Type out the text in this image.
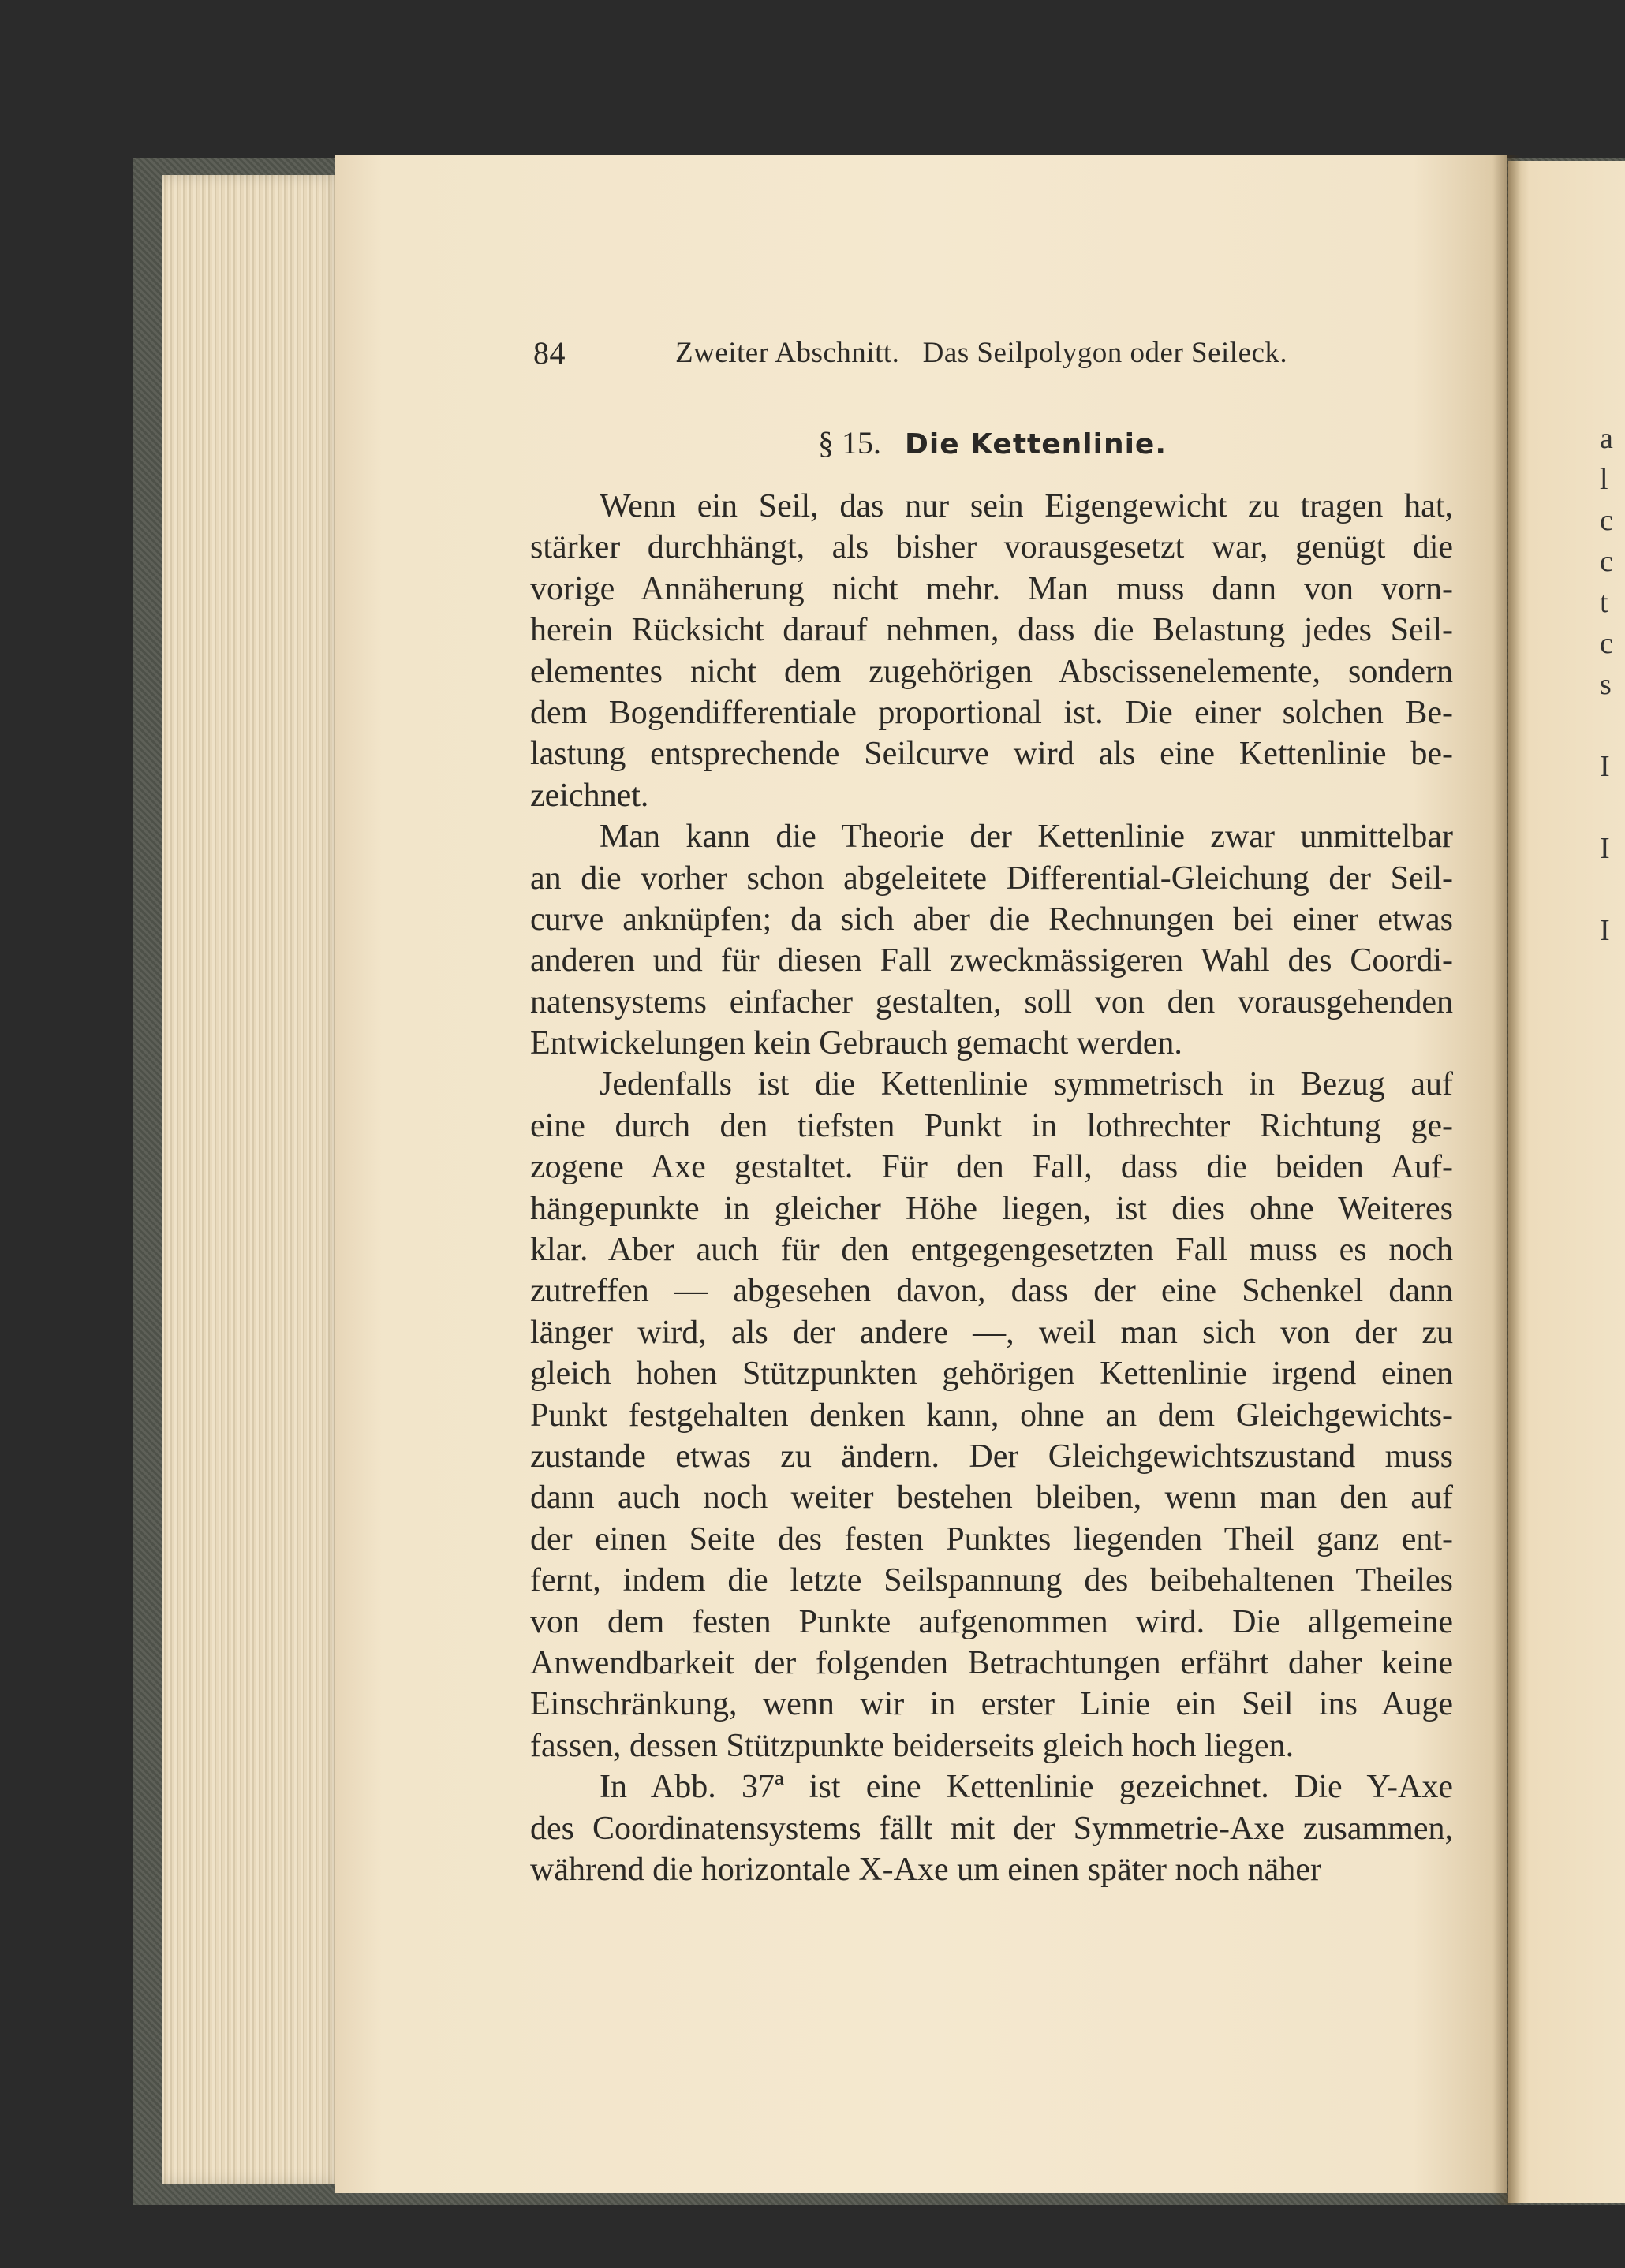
a
l
c
c
t
c
s

I

I

I
84	Zweiter Abschnitt.   Das Seilpolygon oder Seileck.
§ 15. Die Kettenlinie.
Wenn ein Seil, das nur sein Eigengewicht zu tragen hat,
stärker durchhängt, als bisher vorausgesetzt war, genügt die
vorige Annäherung nicht mehr. Man muss dann von vorn-
herein Rücksicht darauf nehmen, dass die Belastung jedes Seil-
elementes nicht dem zugehörigen Abscissenelemente, sondern
dem Bogendifferentiale proportional ist. Die einer solchen Be-
lastung entsprechende Seilcurve wird als eine Kettenlinie be-
zeichnet.
Man kann die Theorie der Kettenlinie zwar unmittelbar
an die vorher schon abgeleitete Differential-Gleichung der Seil-
curve anknüpfen; da sich aber die Rechnungen bei einer etwas
anderen und für diesen Fall zweckmässigeren Wahl des Coordi-
natensystems einfacher gestalten, soll von den vorausgehenden
Entwickelungen kein Gebrauch gemacht werden.
Jedenfalls ist die Kettenlinie symmetrisch in Bezug auf
eine durch den tiefsten Punkt in lothrechter Richtung ge-
zogene Axe gestaltet. Für den Fall, dass die beiden Auf-
hängepunkte in gleicher Höhe liegen, ist dies ohne Weiteres
klar. Aber auch für den entgegengesetzten Fall muss es noch
zutreffen — abgesehen davon, dass der eine Schenkel dann
länger wird, als der andere —, weil man sich von der zu
gleich hohen Stützpunkten gehörigen Kettenlinie irgend einen
Punkt festgehalten denken kann, ohne an dem Gleichgewichts-
zustande etwas zu ändern. Der Gleichgewichtszustand muss
dann auch noch weiter bestehen bleiben, wenn man den auf
der einen Seite des festen Punktes liegenden Theil ganz ent-
fernt, indem die letzte Seilspannung des beibehaltenen Theiles
von dem festen Punkte aufgenommen wird. Die allgemeine
Anwendbarkeit der folgenden Betrachtungen erfährt daher keine
Einschränkung, wenn wir in erster Linie ein Seil ins Auge
fassen, dessen Stützpunkte beiderseits gleich hoch liegen.
In Abb. 37ª ist eine Kettenlinie gezeichnet. Die Y-Axe
des Coordinatensystems fällt mit der Symmetrie-Axe zusammen,
während die horizontale X-Axe um einen später noch näher
